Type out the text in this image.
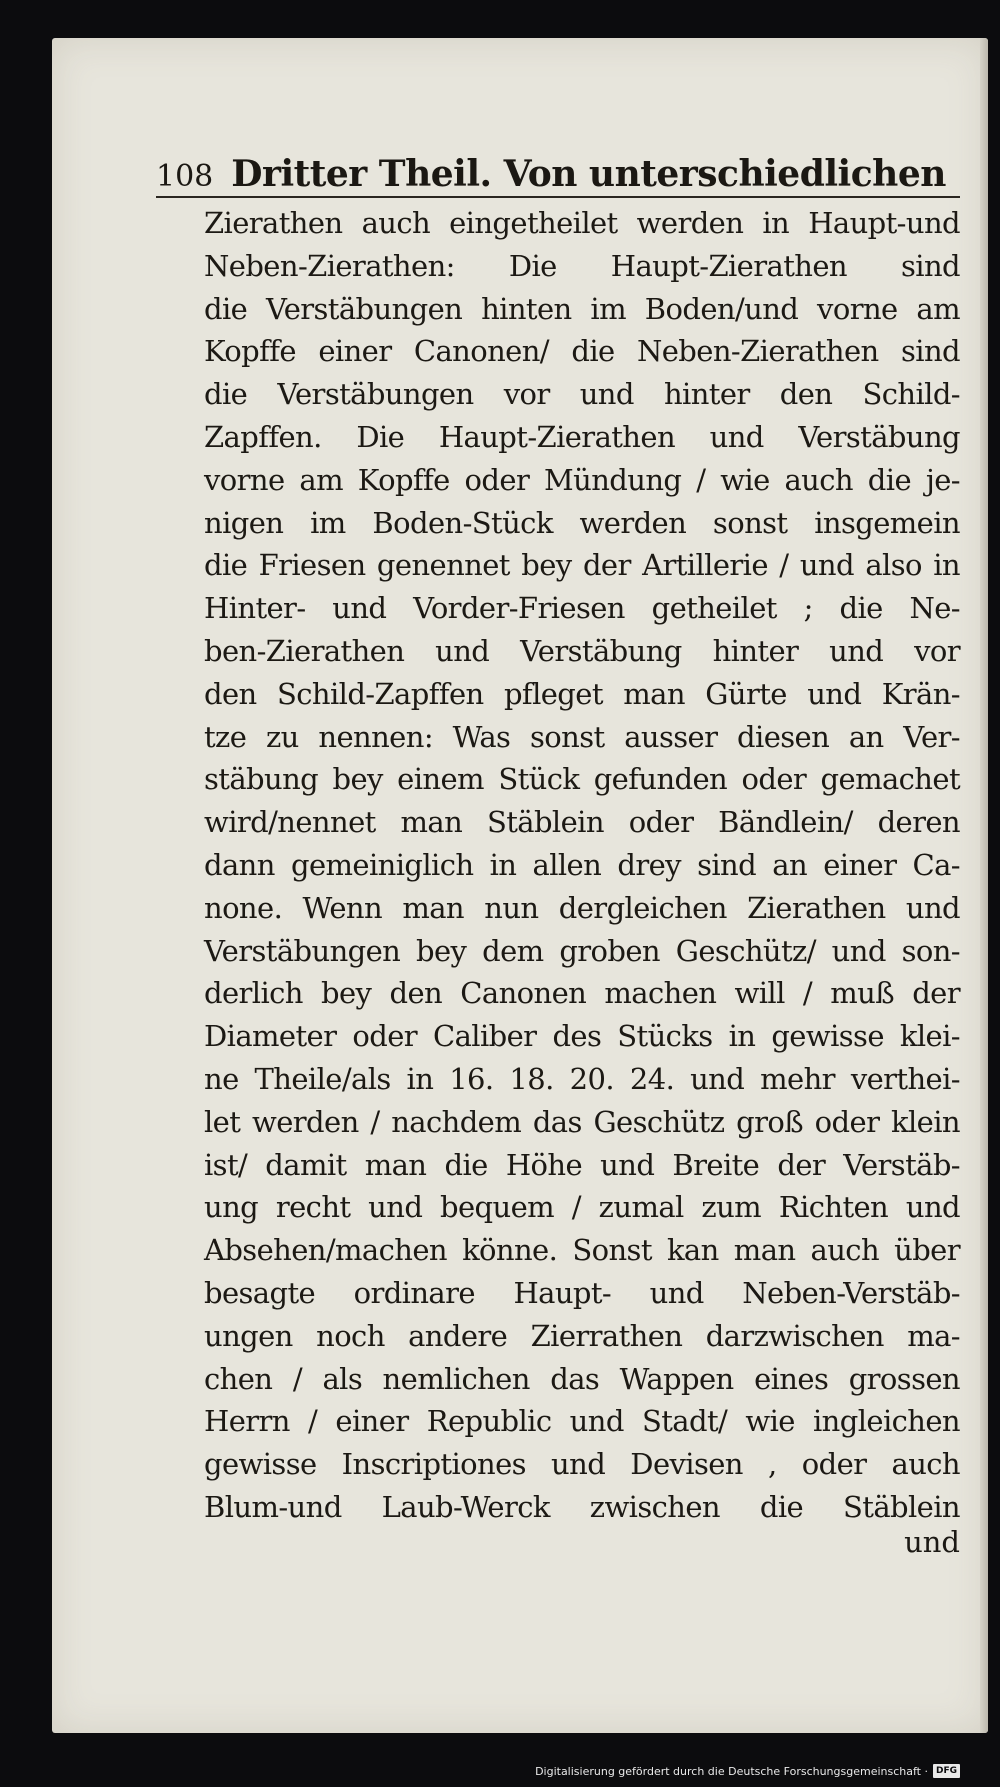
108 Dritter Theil. Von unterschiedlichen
Zierathen auch eingetheilet werden in Haupt-und
Neben-Zierathen: Die Haupt-Zierathen sind
die Verstäbungen hinten im Boden/und vorne am
Kopffe einer Canonen/ die Neben-Zierathen sind
die Verstäbungen vor und hinter den Schild-
Zapffen. Die Haupt-Zierathen und Verstäbung
vorne am Kopffe oder Mündung / wie auch die je-
nigen im Boden-Stück werden sonst insgemein
die Friesen genennet bey der Artillerie / und also in
Hinter- und Vorder-Friesen getheilet ; die Ne-
ben-Zierathen und Verstäbung hinter und vor
den Schild-Zapffen pfleget man Gürte und Krän-
tze zu nennen: Was sonst ausser diesen an Ver-
stäbung bey einem Stück gefunden oder gemachet
wird/nennet man Stäblein oder Bändlein/ deren
dann gemeiniglich in allen drey sind an einer Ca-
none. Wenn man nun dergleichen Zierathen und
Verstäbungen bey dem groben Geschütz/ und son-
derlich bey den Canonen machen will / muß der
Diameter oder Caliber des Stücks in gewisse klei-
ne Theile/als in 16. 18. 20. 24. und mehr verthei-
let werden / nachdem das Geschütz groß oder klein
ist/ damit man die Höhe und Breite der Verstäb-
ung recht und bequem / zumal zum Richten und
Absehen/machen könne. Sonst kan man auch über
besagte ordinare Haupt- und Neben-Verstäb-
ungen noch andere Zierrathen darzwischen ma-
chen / als nemlichen das Wappen eines grossen
Herrn / einer Republic und Stadt/ wie ingleichen
gewisse Inscriptiones und Devisen , oder auch
Blum-und Laub-Werck zwischen die Stäblein
und
Digitalisierung gefördert durch die Deutsche Forschungsgemeinschaft · DFG
